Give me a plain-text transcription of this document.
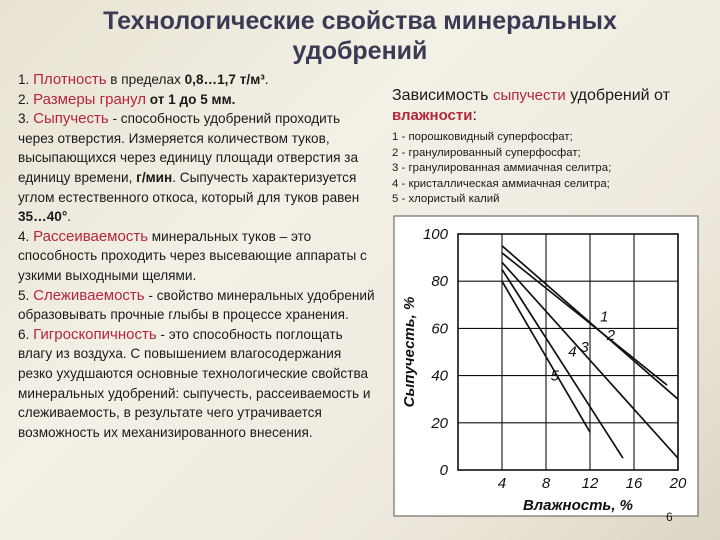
Технологические свойства минеральных удобрений

1. Плотность в пределах 0,8…1,7 т/м³.

2. Размеры гранул от 1 до 5 мм.

3. Сыпучесть - способность удобрений проходить через отверстия. Измеряется количеством туков, высыпающихся через единицу площади отверстия за единицу времени, г/мин. Сыпучесть характеризуется углом естественного откоса, который для туков равен 35…40°.

4. Рассеиваемость минеральных туков – это способность проходить через высевающие аппараты с узкими выходными щелями.

5. Слеживаемость - свойство минеральных удобрений образовывать прочные глыбы в процессе хранения.

6. Гигроскопичность - это способность поглощать влагу из воздуха. С повышением влагосодержания резко ухудшаются основные технологические свойства минеральных удобрений: сыпучесть, рассеиваемость и слеживаемость, в результате чего утрачивается возможность их механизированного внесения.

Зависимость сыпучести удобрений от влажности:
1 - порошковидный суперфосфат;
2 - гранулированный суперфосфат;
3 - гранулированная аммиачная селитра;
4 - кристаллическая аммиачная селитра;
5 - хлористый калий
4 8 12 16 20
0
20
40
60
80
100
Влажность, %
Сыпучесть, %	1
2
3
4
5
6
